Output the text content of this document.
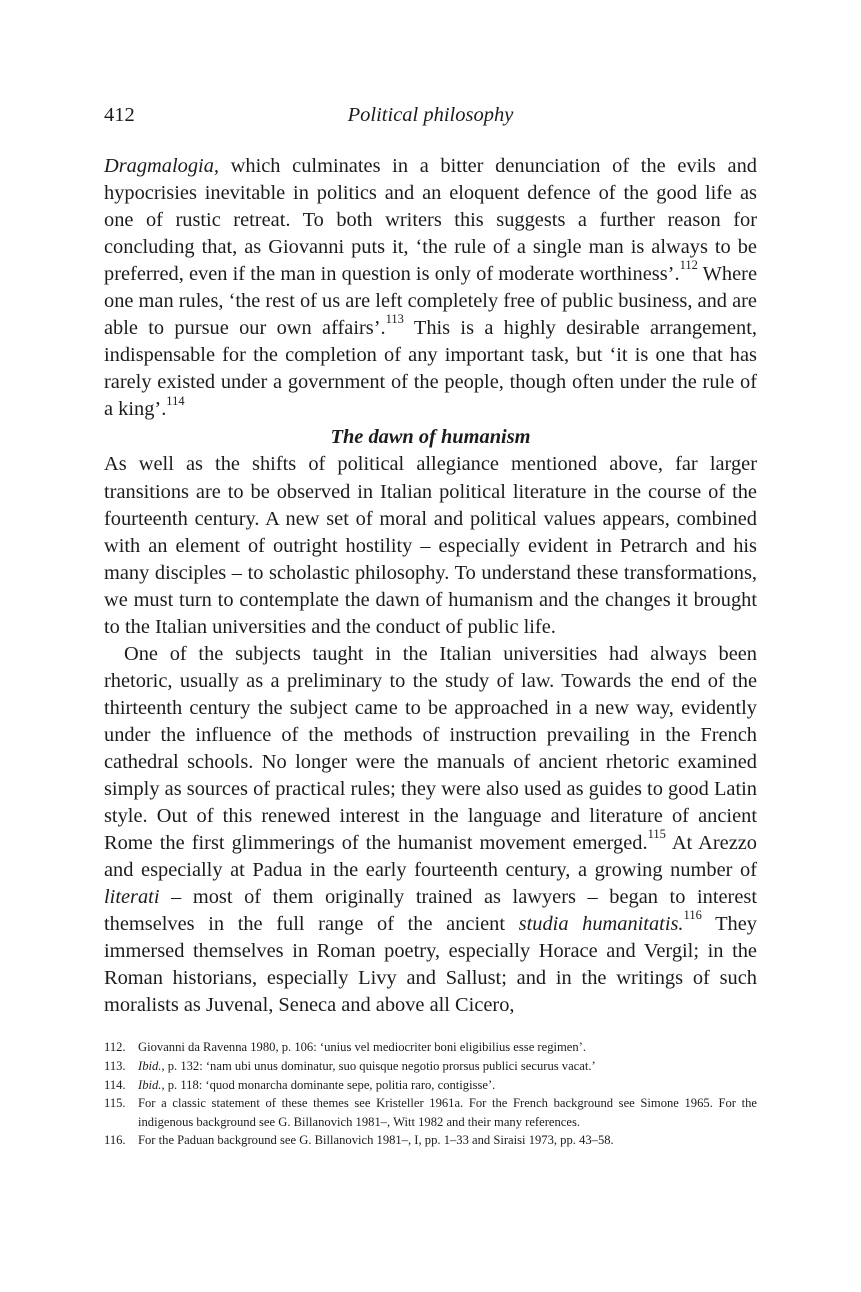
412	Political philosophy

Dragmalogia, which culminates in a bitter denunciation of the evils and hypocrisies inevitable in politics and an eloquent defence of the good life as one of rustic retreat. To both writers this suggests a further reason for concluding that, as Giovanni puts it, ‘the rule of a single man is always to be preferred, even if the man in question is only of moderate worthiness’.$^{112}$ Where one man rules, ‘the rest of us are left completely free of public business, and are able to pursue our own affairs’.$^{113}$ This is a highly desirable arrangement, indispensable for the completion of any important task, but ‘it is one that has rarely existed under a government of the people, though often under the rule of a king’.$^{114}$

The dawn of humanism

As well as the shifts of political allegiance mentioned above, far larger transitions are to be observed in Italian political literature in the course of the fourteenth century. A new set of moral and political values appears, combined with an element of outright hostility – especially evident in Petrarch and his many disciples – to scholastic philosophy. To understand these transformations, we must turn to contemplate the dawn of humanism and the changes it brought to the Italian universities and the conduct of public life.

One of the subjects taught in the Italian universities had always been rhetoric, usually as a preliminary to the study of law. Towards the end of the thirteenth century the subject came to be approached in a new way, evidently under the influence of the methods of instruction prevailing in the French cathedral schools. No longer were the manuals of ancient rhetoric examined simply as sources of practical rules; they were also used as guides to good Latin style. Out of this renewed interest in the language and literature of ancient Rome the first glimmerings of the humanist movement emerged.$^{115}$ At Arezzo and especially at Padua in the early fourteenth century, a growing number of literati – most of them originally trained as lawyers – began to interest themselves in the full range of the ancient studia humanitatis.$^{116}$ They immersed themselves in Roman poetry, especially Horace and Vergil; in the Roman historians, especially Livy and Sallust; and in the writings of such moralists as Juvenal, Seneca and above all Cicero,

112. Giovanni da Ravenna 1980, p. 106: ‘unius vel mediocriter boni eligibilius esse regimen’.
113. Ibid., p. 132: ‘nam ubi unus dominatur, suo quisque negotio prorsus publici securus vacat.’
114. Ibid., p. 118: ‘quod monarcha dominante sepe, politia raro, contigisse’.
115. For a classic statement of these themes see Kristeller 1961a. For the French background see Simone 1965. For the indigenous background see G. Billanovich 1981–, Witt 1982 and their many references.
116. For the Paduan background see G. Billanovich 1981–, I, pp. 1–33 and Siraisi 1973, pp. 43–58.
